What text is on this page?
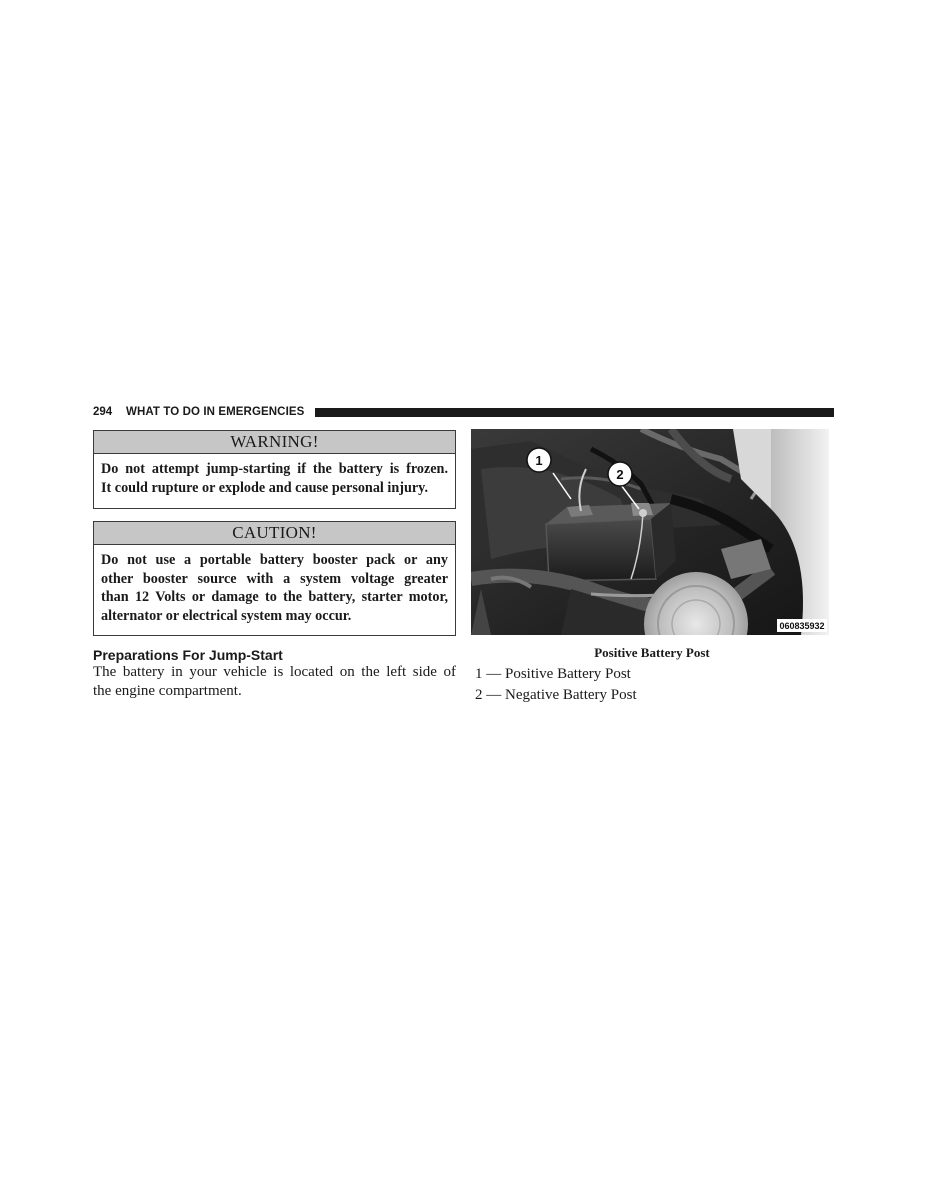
294 WHAT TO DO IN EMERGENCIES
WARNING!
Do not attempt jump-starting if the battery is frozen.
It could rupture or explode and cause personal injury.
CAUTION!
Do not use a portable battery booster pack or any
other booster source with a system voltage greater
than 12 Volts or damage to the battery, starter motor,
alternator or electrical system may occur.
Preparations For Jump-Start
The battery in your vehicle is located on the left side of
the engine compartment.
1
2
060835932
Positive Battery Post
1 — Positive Battery Post
2 — Negative Battery Post
